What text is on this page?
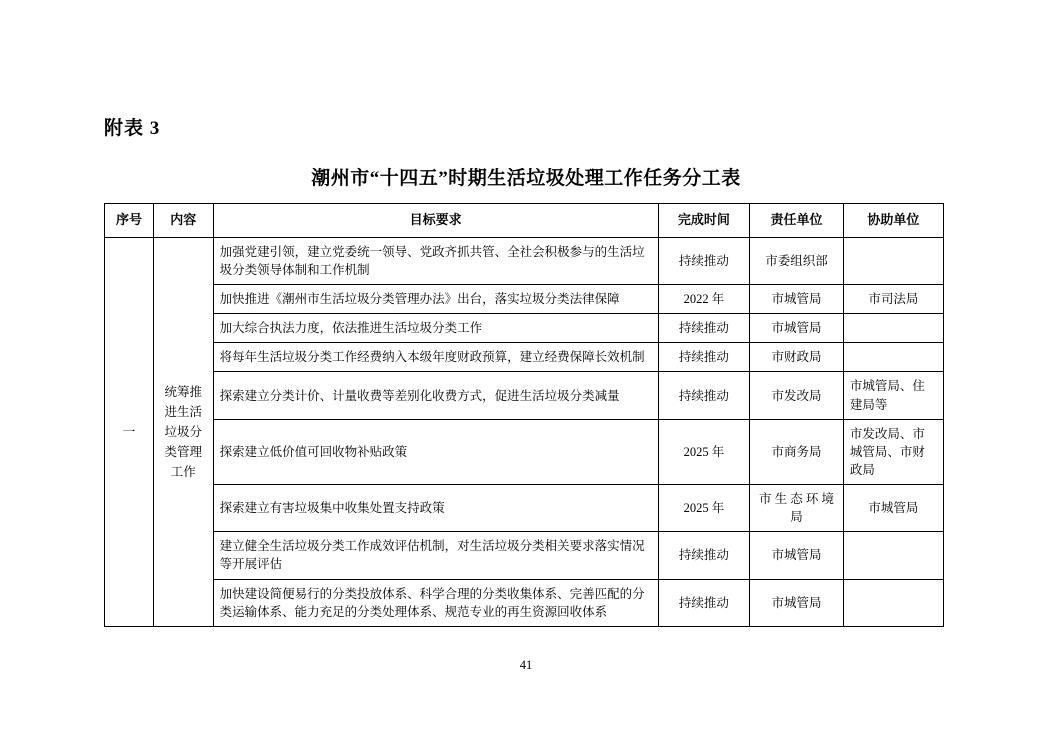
附表 3
潮州市“十四五”时期生活垃圾处理工作任务分工表
序号	内容	目标要求	完成时间	责任单位	协助单位
一	统筹推进生活垃圾分类管理工作	加强党建引领，建立党委统一领导、党政齐抓共管、全社会积极参与的生活垃圾分类领导体制和工作机制	持续推动	市委组织部	
		加快推进《潮州市生活垃圾分类管理办法》出台，落实垃圾分类法律保障	2022 年	市城管局	市司法局
		加大综合执法力度，依法推进生活垃圾分类工作	持续推动	市城管局	
		将每年生活垃圾分类工作经费纳入本级年度财政预算，建立经费保障长效机制	持续推动	市财政局	
		探索建立分类计价、计量收费等差别化收费方式，促进生活垃圾分类减量	持续推动	市发改局	市城管局、住建局等
		探索建立低价值可回收物补贴政策	2025 年	市商务局	市发改局、市城管局、市财政局
		探索建立有害垃圾集中收集处置支持政策	2025 年	市 生 态 环 境局	市城管局
		建立健全生活垃圾分类工作成效评估机制，对生活垃圾分类相关要求落实情况等开展评估	持续推动	市城管局	
		加快建设简便易行的分类投放体系、科学合理的分类收集体系、完善匹配的分类运输体系、能力充足的分类处理体系、规范专业的再生资源回收体系	持续推动	市城管局	
41
